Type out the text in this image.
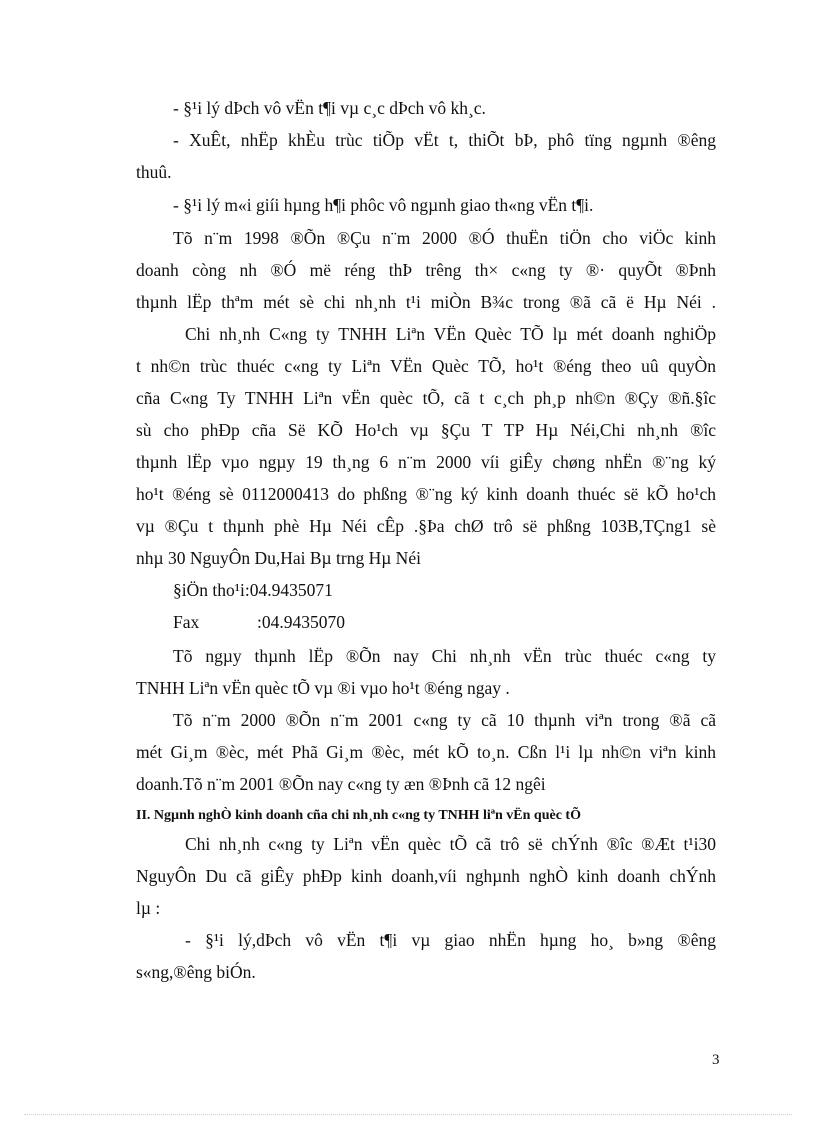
- §¹i lý dÞch vô vËn t¶i vµ c¸c dÞch vô kh¸c.
- XuÊt, nhËp khÈu trùc tiÕp vËt t, thiÕt bÞ, phô tïng ngµnh ®êng
thuû.
- §¹i lý m«i giíi hµng h¶i phôc vô ngµnh giao th«ng vËn t¶i.
Tõ n¨m 1998 ®Õn ®Çu n¨m 2000 ®Ó thuËn tiÖn cho viÖc kinh
doanh còng nh ®Ó më réng thÞ trêng th× c«ng ty ®· quyÕt ®Þnh
thµnh lËp thªm mét sè chi nh¸nh t¹i miÒn B¾c trong ®ã cã ë Hµ Néi .
Chi nh¸nh C«ng ty TNHH Liªn VËn Quèc TÕ lµ mét doanh nghiÖp
t nh©n trùc thuéc c«ng ty Liªn VËn Quèc TÕ, ho¹t ®éng theo uû quyÒn
cña C«ng Ty TNHH Liªn vËn quèc tÕ, cã t c¸ch ph¸p nh©n ®Çy ®ñ.§îc
sù cho phÐp cña Së KÕ Ho¹ch vµ §Çu T TP Hµ Néi,Chi nh¸nh ®îc
thµnh lËp vµo ngµy 19 th¸ng 6 n¨m 2000 víi giÊy chøng nhËn ®¨ng ký
ho¹t ®éng sè 0112000413 do phßng ®¨ng ký kinh doanh thuéc së kÕ ho¹ch
vµ ®Çu t thµnh phè Hµ Néi cÊp .§Þa chØ trô së phßng 103B,TÇng1 sè
nhµ 30 NguyÔn Du,Hai Bµ trng Hµ Néi
§iÖn tho¹i:04.9435071
Fax	:04.9435070
Tõ ngµy thµnh lËp ®Õn nay Chi nh¸nh vËn trùc thuéc c«ng ty
TNHH Liªn vËn quèc tÕ vµ ®i vµo ho¹t ®éng ngay .
Tõ n¨m 2000 ®Õn n¨m 2001 c«ng ty cã 10 thµnh viªn trong ®ã cã
mét Gi¸m ®èc, mét Phã Gi¸m ®èc, mét kÕ to¸n. Cßn l¹i lµ nh©n viªn kinh
doanh.Tõ n¨m 2001 ®Õn nay c«ng ty æn ®Þnh cã 12 ngêi
II. Ngµnh nghÒ kinh doanh cña chi nh¸nh c«ng ty TNHH liªn vËn quèc tÕ
Chi nh¸nh c«ng ty Liªn vËn quèc tÕ cã trô së chÝnh ®îc ®Æt t¹i30
NguyÔn Du cã giÊy phÐp kinh doanh,víi nghµnh nghÒ kinh doanh chÝnh
lµ :
- §¹i lý,dÞch vô vËn t¶i vµ giao nhËn hµng ho¸ b»ng ®êng
s«ng,®êng biÓn.
3
